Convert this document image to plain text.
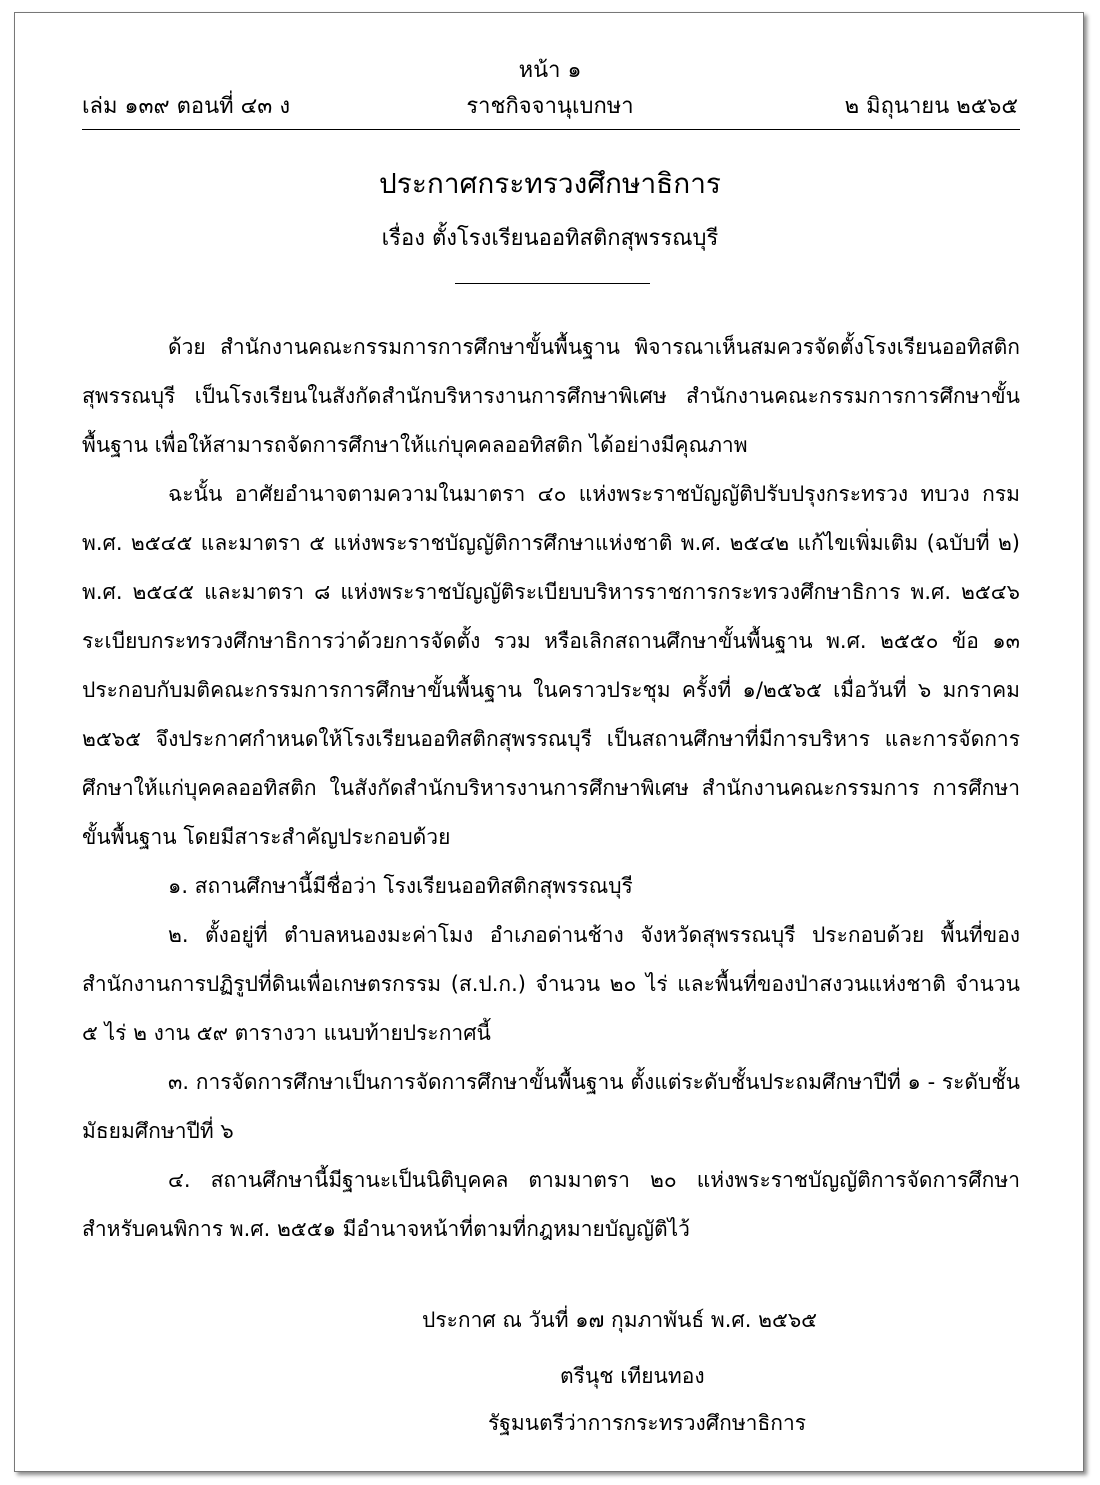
หน้า ๑
เล่ม ๑๓๙ ตอนที่ ๔๓ ง	ราชกิจจานุเบกษา	๒ มิถุนายน ๒๕๖๕
ประกาศกระทรวงศึกษาธิการ
เรื่อง ตั้งโรงเรียนออทิสติกสุพรรณบุรี

ด้วย สำนักงานคณะกรรมการการศึกษาขั้นพื้นฐาน พิจารณาเห็นสมควรจัดตั้งโรงเรียนออทิสติกสุพรรณบุรี เป็นโรงเรียนในสังกัดสำนักบริหารงานการศึกษาพิเศษ สำนักงานคณะกรรมการการศึกษาขั้นพื้นฐาน เพื่อให้สามารถจัดการศึกษาให้แก่บุคคลออทิสติก ได้อย่างมีคุณภาพ

ฉะนั้น อาศัยอำนาจตามความในมาตรา ๔๐ แห่งพระราชบัญญัติปรับปรุงกระทรวง ทบวง กรม พ.ศ. ๒๕๔๕ และมาตรา ๕ แห่งพระราชบัญญัติการศึกษาแห่งชาติ พ.ศ. ๒๕๔๒ แก้ไขเพิ่มเติม (ฉบับที่ ๒) พ.ศ. ๒๕๔๕ และมาตรา ๘ แห่งพระราชบัญญัติระเบียบบริหารราชการกระทรวงศึกษาธิการ พ.ศ. ๒๕๔๖ ระเบียบกระทรวงศึกษาธิการว่าด้วยการจัดตั้ง รวม หรือเลิกสถานศึกษาขั้นพื้นฐาน พ.ศ. ๒๕๕๐ ข้อ ๑๓ ประกอบกับมติคณะกรรมการการศึกษาขั้นพื้นฐาน ในคราวประชุม ครั้งที่ ๑/๒๕๖๕ เมื่อวันที่ ๖ มกราคม ๒๕๖๕ จึงประกาศกำหนดให้โรงเรียนออทิสติกสุพรรณบุรี เป็นสถานศึกษาที่มีการบริหาร และการจัดการศึกษาให้แก่บุคคลออทิสติก ในสังกัดสำนักบริหารงานการศึกษาพิเศษ สำนักงานคณะกรรมการ การศึกษาขั้นพื้นฐาน โดยมีสาระสำคัญประกอบด้วย

๑. สถานศึกษานี้มีชื่อว่า โรงเรียนออทิสติกสุพรรณบุรี

๒. ตั้งอยู่ที่ ตำบลหนองมะค่าโมง อำเภอด่านช้าง จังหวัดสุพรรณบุรี ประกอบด้วย พื้นที่ของสำนักงานการปฏิรูปที่ดินเพื่อเกษตรกรรม (ส.ป.ก.) จำนวน ๒๐ ไร่ และพื้นที่ของป่าสงวนแห่งชาติ จำนวน ๕ ไร่ ๒ งาน ๕๙ ตารางวา แนบท้ายประกาศนี้

๓. การจัดการศึกษาเป็นการจัดการศึกษาขั้นพื้นฐาน ตั้งแต่ระดับชั้นประถมศึกษาปีที่ ๑ - ระดับชั้น มัธยมศึกษาปีที่ ๖

๔. สถานศึกษานี้มีฐานะเป็นนิติบุคคล ตามมาตรา ๒๐ แห่งพระราชบัญญัติการจัดการศึกษา สำหรับคนพิการ พ.ศ. ๒๕๕๑ มีอำนาจหน้าที่ตามที่กฎหมายบัญญัติไว้

ประกาศ ณ วันที่ ๑๗ กุมภาพันธ์ พ.ศ. ๒๕๖๕
ตรีนุช เทียนทอง
รัฐมนตรีว่าการกระทรวงศึกษาธิการ
